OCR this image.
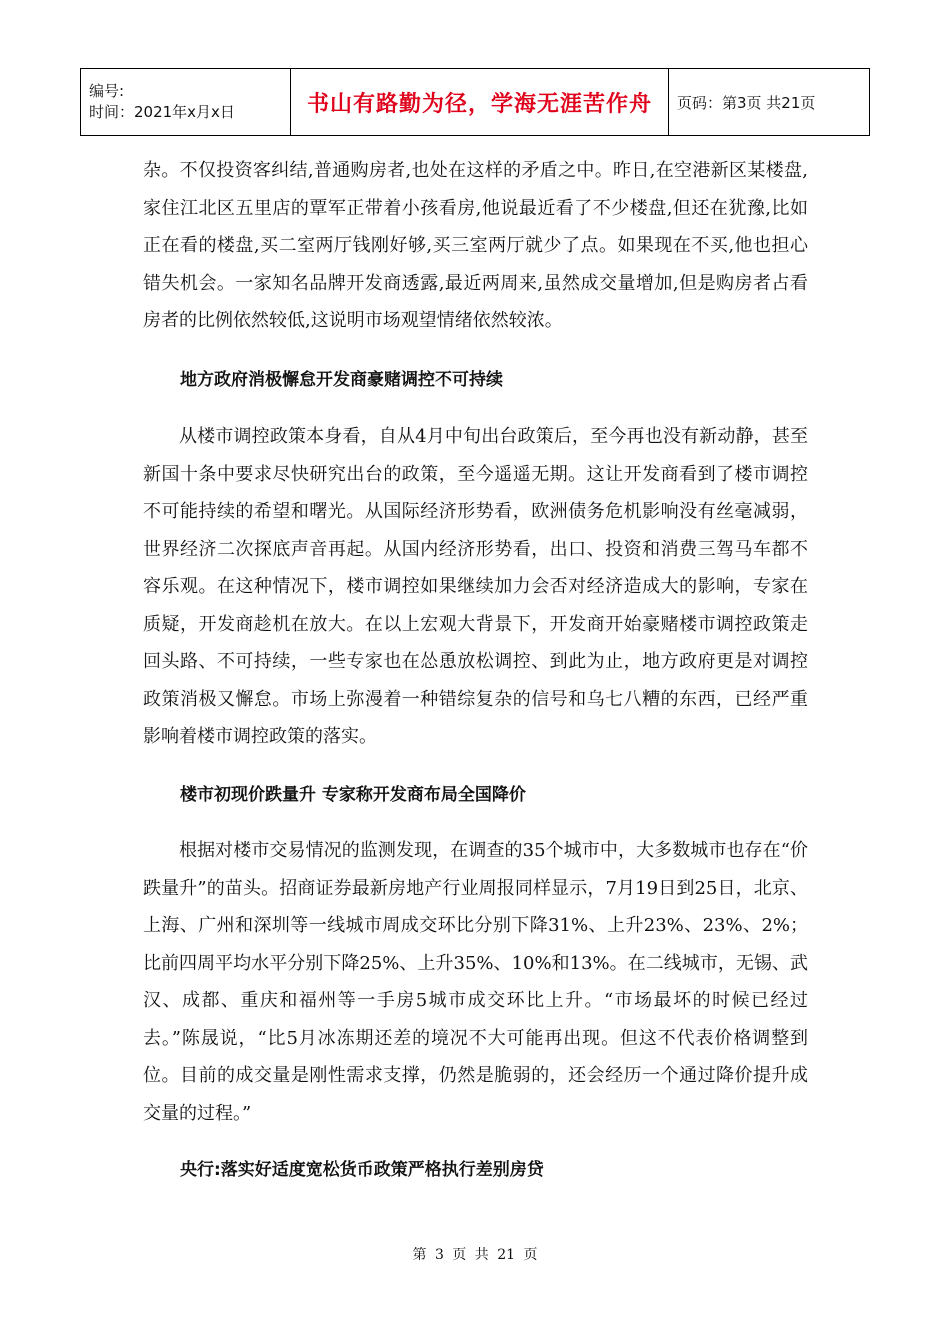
编号:
时间：2021年x月x日	书山有路勤为径，学海无涯苦作舟	页码：第3页 共21页

杂。不仅投资客纠结,普通购房者,也处在这样的矛盾之中。昨日,在空港新区某楼盘,家住江北区五里店的覃军正带着小孩看房,他说最近看了不少楼盘,但还在犹豫,比如正在看的楼盘,买二室两厅钱刚好够,买三室两厅就少了点。如果现在不买,他也担心错失机会。一家知名品牌开发商透露,最近两周来,虽然成交量增加,但是购房者占看房者的比例依然较低,这说明市场观望情绪依然较浓。

地方政府消极懈怠开发商豪赌调控不可持续

从楼市调控政策本身看，自从4月中旬出台政策后，至今再也没有新动静，甚至新国十条中要求尽快研究出台的政策，至今遥遥无期。这让开发商看到了楼市调控不可能持续的希望和曙光。从国际经济形势看，欧洲债务危机影响没有丝毫减弱，世界经济二次探底声音再起。从国内经济形势看，出口、投资和消费三驾马车都不容乐观。在这种情况下，楼市调控如果继续加力会否对经济造成大的影响，专家在质疑，开发商趁机在放大。在以上宏观大背景下，开发商开始豪赌楼市调控政策走回头路、不可持续，一些专家也在怂恿放松调控、到此为止，地方政府更是对调控政策消极又懈怠。市场上弥漫着一种错综复杂的信号和乌七八糟的东西，已经严重影响着楼市调控政策的落实。

楼市初现价跌量升 专家称开发商布局全国降价

根据对楼市交易情况的监测发现，在调查的35个城市中，大多数城市也存在“价跌量升”的苗头。招商证券最新房地产行业周报同样显示，7月19日到25日，北京、上海、广州和深圳等一线城市周成交环比分别下降31%、上升23%、23%、2%；比前四周平均水平分别下降25%、上升35%、10%和13%。在二线城市，无锡、武汉、成都、重庆和福州等一手房5城市成交环比上升。“市场最坏的时候已经过去。”陈晟说，“比5月冰冻期还差的境况不大可能再出现。但这不代表价格调整到位。目前的成交量是刚性需求支撑，仍然是脆弱的，还会经历一个通过降价提升成交量的过程。”

央行:落实好适度宽松货币政策严格执行差别房贷

第 3 页 共 21 页
